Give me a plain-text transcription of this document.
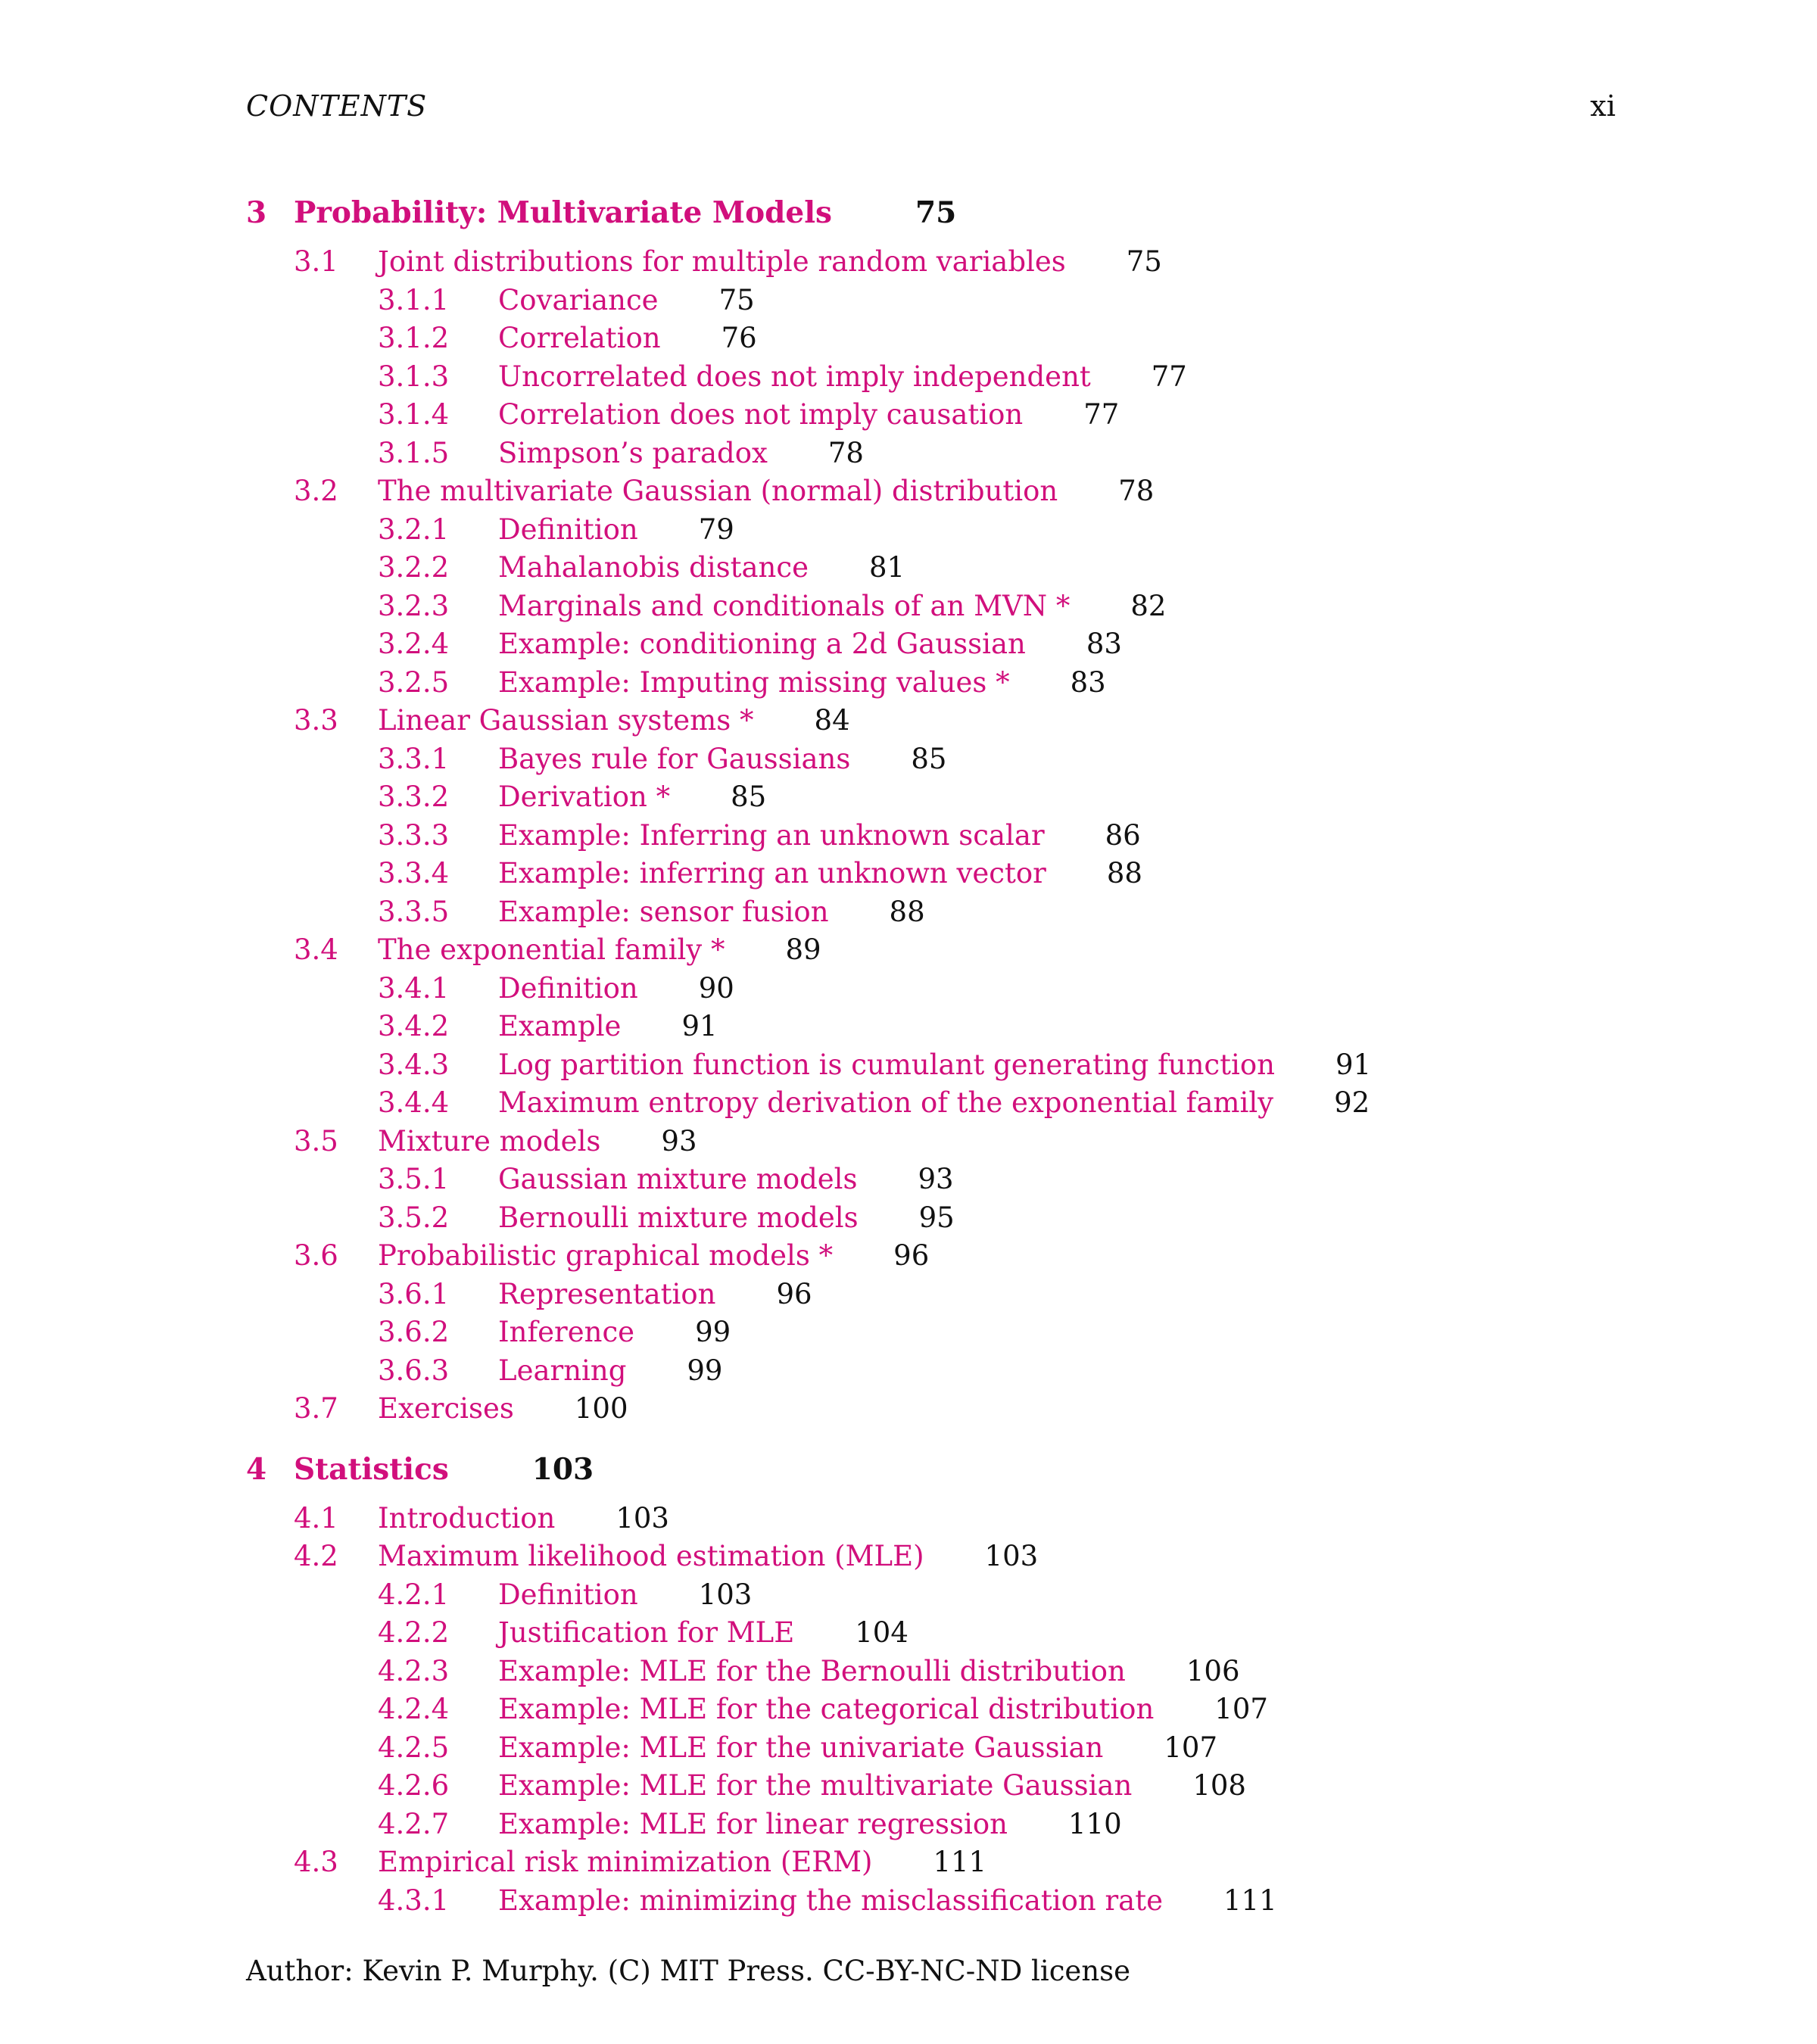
CONTENTS	xi
3 Probability: Multivariate Models	75
3.1 Joint distributions for multiple random variables 75
3.1.1 Covariance 75
3.1.2 Correlation 76
3.1.3 Uncorrelated does not imply independent 77
3.1.4 Correlation does not imply causation 77
3.1.5 Simpson’s paradox 78
3.2 The multivariate Gaussian (normal) distribution 78
3.2.1 Definition 79
3.2.2 Mahalanobis distance 81
3.2.3 Marginals and conditionals of an MVN * 82
3.2.4 Example: conditioning a 2d Gaussian 83
3.2.5 Example: Imputing missing values * 83
3.3 Linear Gaussian systems * 84
3.3.1 Bayes rule for Gaussians 85
3.3.2 Derivation * 85
3.3.3 Example: Inferring an unknown scalar 86
3.3.4 Example: inferring an unknown vector 88
3.3.5 Example: sensor fusion 88
3.4 The exponential family * 89
3.4.1 Definition 90
3.4.2 Example 91
3.4.3 Log partition function is cumulant generating function 91
3.4.4 Maximum entropy derivation of the exponential family 92
3.5 Mixture models 93
3.5.1 Gaussian mixture models 93
3.5.2 Bernoulli mixture models 95
3.6 Probabilistic graphical models * 96
3.6.1 Representation 96
3.6.2 Inference 99
3.6.3 Learning 99
3.7 Exercises 100
4 Statistics	103
4.1 Introduction 103
4.2 Maximum likelihood estimation (MLE) 103
4.2.1 Definition 103
4.2.2 Justification for MLE 104
4.2.3 Example: MLE for the Bernoulli distribution 106
4.2.4 Example: MLE for the categorical distribution 107
4.2.5 Example: MLE for the univariate Gaussian 107
4.2.6 Example: MLE for the multivariate Gaussian 108
4.2.7 Example: MLE for linear regression 110
4.3 Empirical risk minimization (ERM) 111
4.3.1 Example: minimizing the misclassification rate 111
Author: Kevin P. Murphy. (C) MIT Press. CC-BY-NC-ND license
